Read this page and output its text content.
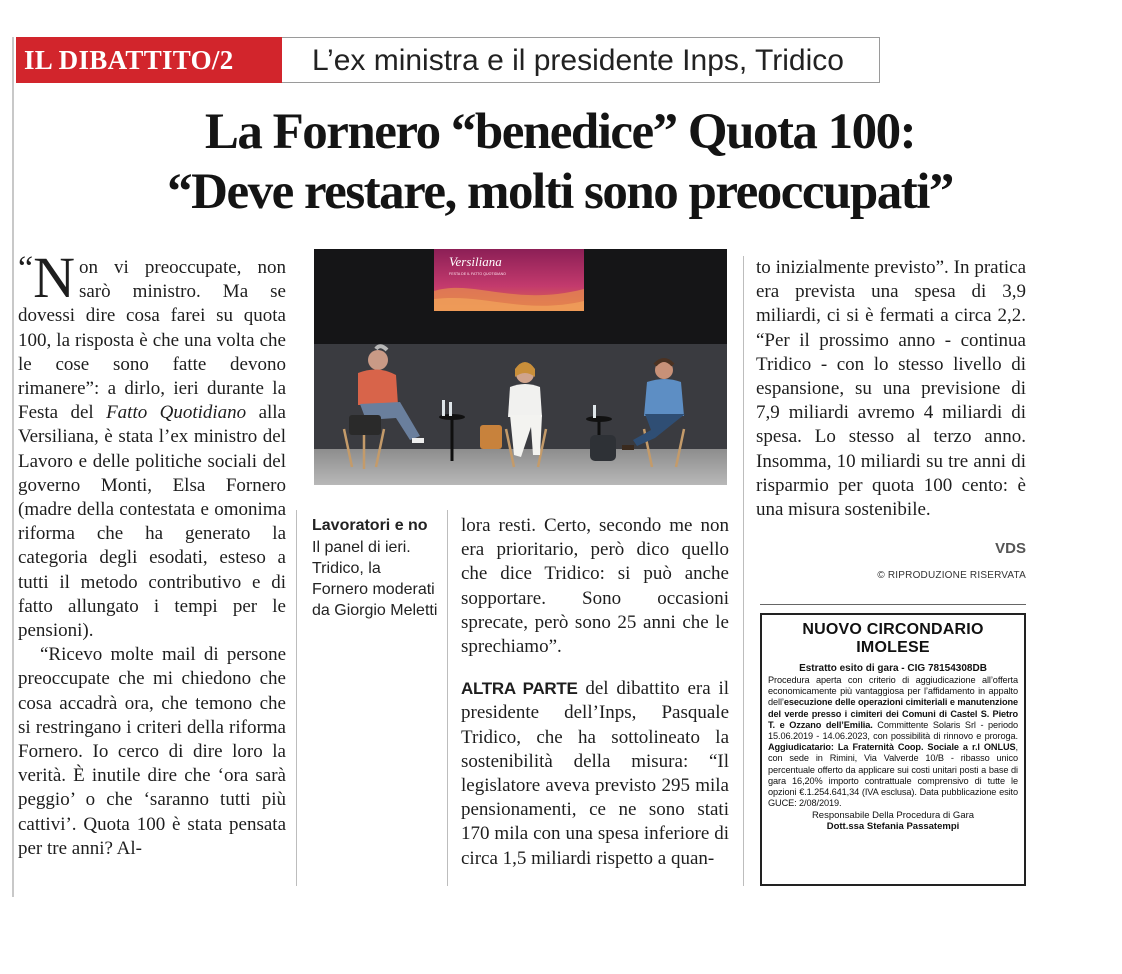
IL DIBATTITO/2	L’ex ministra e il presidente Inps, Tridico
La Fornero “benedice” Quota 100:
“Deve restare, molti sono preoccupati”

“N on vi preoccupate, non sarò ministro. Ma se dovessi dire cosa farei su quota 100, la risposta è che una volta che le cose sono fatte devono rimanere”: a dirlo, ieri durante la Festa del Fatto Quotidiano alla Versiliana, è stata l’ex ministro del Lavoro e delle politiche sociali del governo Monti, Elsa Fornero (madre della contestata e omonima riforma che ha generato la categoria degli esodati, esteso a tutti il metodo contributivo e di fatto allungato i tempi per le pensioni).

“Ricevo molte mail di persone preoccupate che mi chiedono che cosa accadrà ora, che temono che si restringano i criteri della riforma Fornero. Io cerco di dire loro la verità. È inutile dire che ‘ora sarà peggio’ o che ‘saranno tutti più cattivi’. Quota 100 è stata pensata per tre anni? Al-

Versiliana
FESTA DE IL FATTO QUOTIDIANO
Lavoratori e no
Il panel di ieri. Tridico, la Fornero moderati da Giorgio Meletti

lora resti. Certo, secondo me non era prioritario, però dico quello che dice Tridico: si può anche sopportare. Sono occasioni sprecate, però sono 25 anni che le sprechiamo”.

ALTRA PARTE del dibattito era il presidente dell’Inps, Pasquale Tridico, che ha sottolineato la sostenibilità della misura: “Il legislatore aveva previsto 295 mila pensionamenti, ce ne sono stati 170 mila con una spesa inferiore di circa 1,5 miliardi rispetto a quan-

to inizialmente previsto”. In pratica era prevista una spesa di 3,9 miliardi, ci si è fermati a circa 2,2. “Per il prossimo anno - continua Tridico - con lo stesso livello di espansione, su una previsione di 7,9 miliardi avremo 4 miliardi di spesa. Lo stesso al terzo anno. Insomma, 10 miliardi su tre anni di risparmio per quota 100 cento: è una misura sostenibile.

VDS
© RIPRODUZIONE RISERVATA
NUOVO CIRCONDARIO
IMOLESE
Estratto esito di gara - CIG 78154308DB
Procedura aperta con criterio di aggiudicazione all’offerta economicamente più vantaggiosa per l’affidamento in appalto dell’esecuzione delle operazioni cimiteriali e manutenzione del verde presso i cimiteri dei Comuni di Castel S. Pietro T. e Ozzano dell’Emilia. Committente Solaris Srl - periodo 15.06.2019 - 14.06.2023, con possibilità di rinnovo e proroga. Aggiudicatario: La Fraternità Coop. Sociale a r.l ONLUS, con sede in Rimini, Via Valverde 10/B - ribasso unico percentuale offerto da applicare sui costi unitari posti a base di gara 16,20% importo contrattuale comprensivo di tutte le opzioni €.1.254.641,34 (IVA esclusa). Data pubblicazione esito GUCE: 2/08/2019.
Responsabile Della Procedura di Gara
Dott.ssa Stefania Passatempi
